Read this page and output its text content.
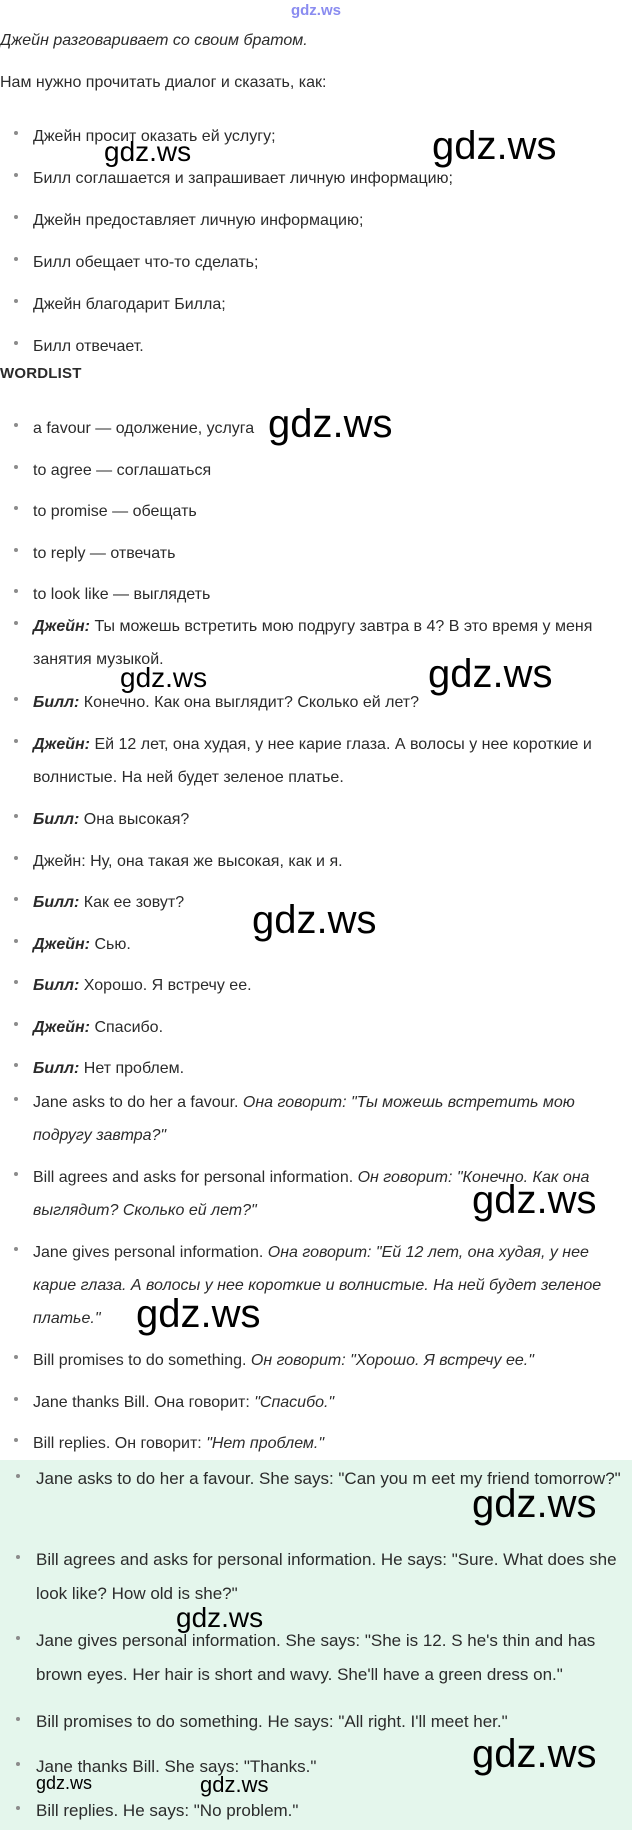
gdz.ws
Джейн разговаривает со своим братом.
Нам нужно прочитать диалог и сказать, как:
Джейн просит оказать ей услугу;
Билл соглашается и запрашивает личную информацию;
Джейн предоставляет личную информацию;
Билл обещает что-то сделать;
Джейн благодарит Билла;
Билл отвечает.
WORDLIST
a favour — одолжение, услуга
to agree — соглашаться
to promise — обещать
to reply — отвечать
to look like — выглядеть
Джейн: Ты можешь встретить мою подругу завтра в 4? В это время у меня занятия музыкой.
Билл: Конечно. Как она выглядит? Сколько ей лет?
Джейн: Ей 12 лет, она худая, у нее карие глаза. А волосы у нее короткие и волнистые. На ней будет зеленое платье.
Билл: Она высокая?
Джейн: Ну, она такая же высокая, как и я.
Билл: Как ее зовут?
Джейн: Сью.
Билл: Хорошо. Я встречу ее.
Джейн: Спасибо.
Билл: Нет проблем.
Jane asks to do her a favour. Она говорит: "Ты можешь встретить мою подругу завтра?"
Bill agrees and asks for personal information. Он говорит: "Конечно. Как она выглядит? Сколько ей лет?"
Jane gives personal information. Она говорит: "Ей 12 лет, она худая, у нее карие глаза. А волосы у нее короткие и волнистые. На ней будет зеленое платье."
Bill promises to do something. Он говорит: "Хорошо. Я встречу ее."
Jane thanks Bill. Она говорит: "Спасибо."
Bill replies. Он говорит: "Нет проблем."
Jane asks to do her a favour. She says: "Can you m eet my friend tomorrow?"
Bill agrees and asks for personal information. He says: "Sure. What does she look like? How old is she?"
Jane gives personal information. She says: "She is 12. S he's thin and has brown eyes. Her hair is short and wavy. She'll have a green dress on."
Bill promises to do something. He says: "All right. I'll meet her."
Jane thanks Bill. She says: "Thanks."
Bill replies. He says: "No problem."
gdz.ws	gdz.ws
gdz.ws
gdz.ws	gdz.ws
gdz.ws
gdz.ws
gdz.ws
gdz.ws
gdz.ws
gdz.ws
gdz.ws	gdz.ws
